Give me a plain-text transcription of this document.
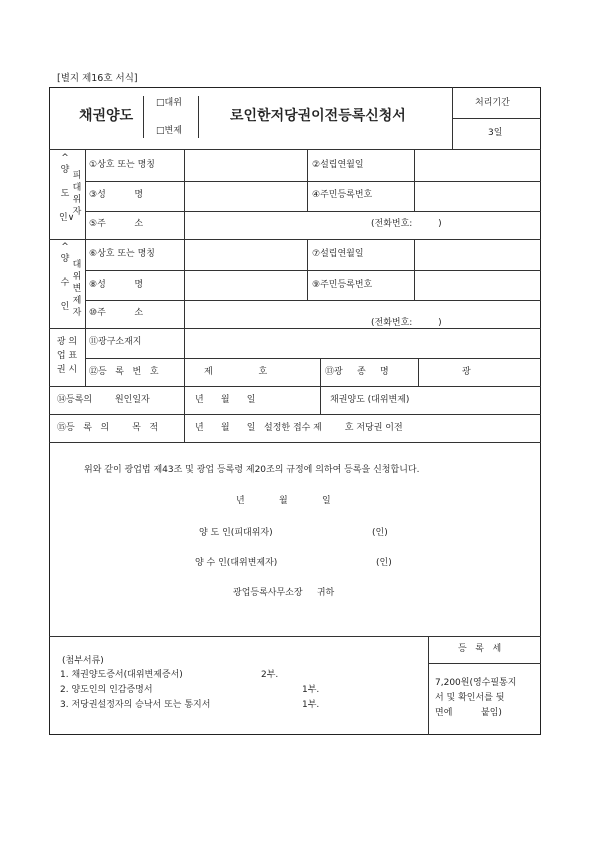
[별지 제16호 서식]
채권양도
□대위
□변제
로인한저당권이전등록신청서
처리기간
3일
^
양

도

인∨

피
대
위
자
①상호 또는 명칭	②설립연월일
③성          명	④주민등록번호
⑤주          소	(전화번호:         )
^
양

수

인

대
위
변
제
자
⑥상호 또는 명칭	⑦설립연월일
⑧성          명	⑨주민등록번호
⑩주          소
(전화번호:         )
광 의
업 표
권 시
⑪광구소재지
⑫등   록   번   호	제                호	⑬광     종     명	광
⑭등록의        원인일자	년      월      일	채권양도 (대위변제)
⑮등   록   의        목   적	년      월      일   설정한 접수 제        호 저당권 이전
위와 같이 광업법 제43조 및 광업 등록령 제20조의 규정에 의하여 등록을 신청합니다.
년            월            일
양 도 인(피대위자)	(인)
양 수 인(대위변제자)	(인)
광업등록사무소장     귀하
(첨부서류)
1. 채권양도증서(대위변제증서)	2부.
2. 양도인의 인감증명서	1부.
3. 저당권설정자의 승낙서 또는 통지서	1부.
등   록   세
7,200원(영수필통지
서 및 확인서를 뒷
면에          붙임)
